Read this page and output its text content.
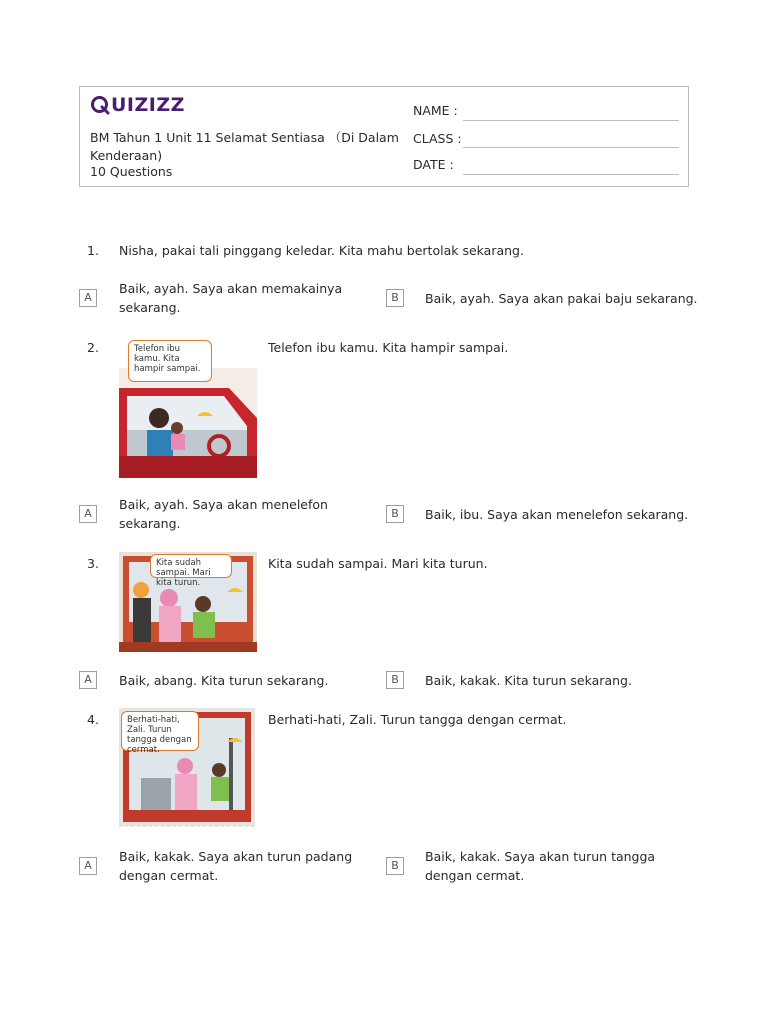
UIZIZZ
BM Tahun 1 Unit 11 Selamat Sentiasa （Di Dalam Kenderaan)
10 Questions
NAME :
CLASS :
DATE :
1. Nisha, pakai tali pinggang keledar. Kita mahu bertolak sekarang.
A
Baik, ayah. Saya akan memakainya sekarang.
B	Baik, ayah. Saya akan pakai baju sekarang.
2.	Telefon ibu kamu. Kita hampir sampai.
Telefon ibu kamu. Kita hampir sampai.
A
Baik, ayah. Saya akan menelefon sekarang.
B	Baik, ibu. Saya akan menelefon sekarang.
3.	Kita sudah sampai. Mari kita turun.
Kita sudah sampai. Mari kita turun.
A	Baik, abang. Kita turun sekarang.	B	Baik, kakak. Kita turun sekarang.
4.	Berhati-hati, Zali. Turun tangga dengan cermat.
Berhati-hati, Zali. Turun tangga dengan cermat.
A
Baik, kakak. Saya akan turun padang dengan cermat.
B
Baik, kakak. Saya akan turun tangga dengan cermat.
